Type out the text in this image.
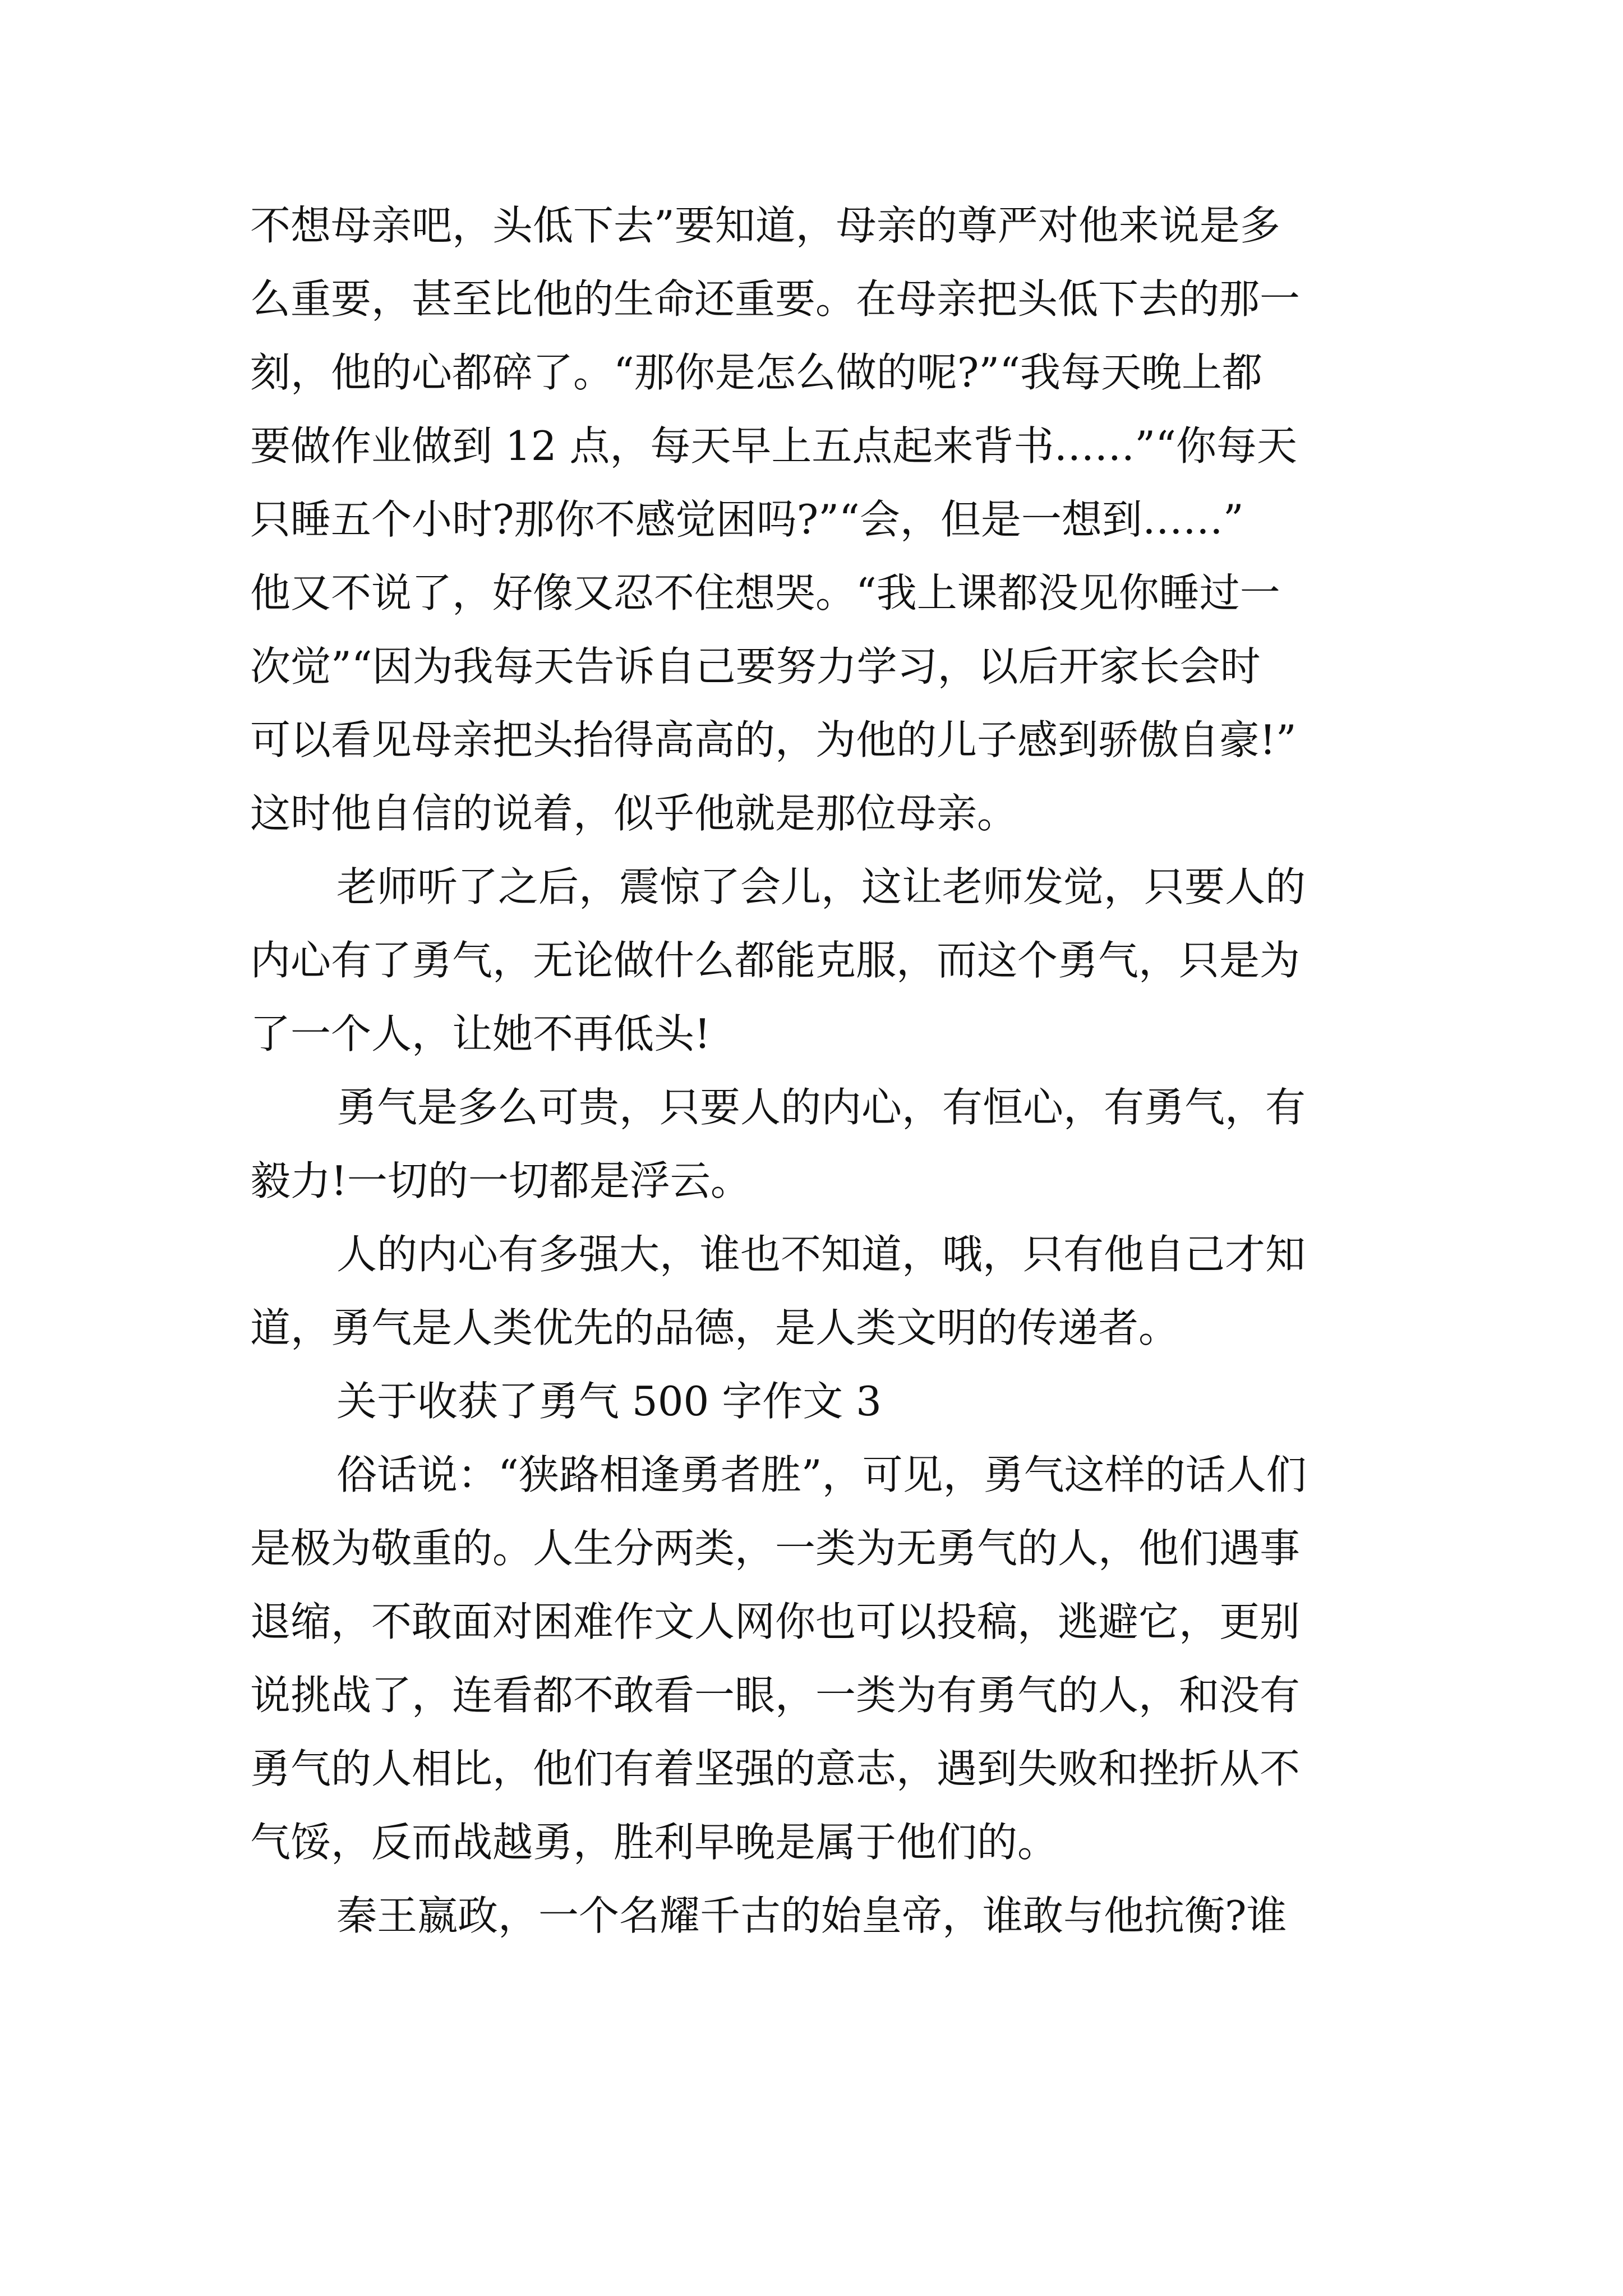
不想母亲吧，头低下去”要知道，母亲的尊严对他来说是多
么重要，甚至比他的生命还重要。在母亲把头低下去的那一
刻，他的心都碎了。“那你是怎么做的呢?”“我每天晚上都
要做作业做到 12 点，每天早上五点起来背书……”“你每天
只睡五个小时?那你不感觉困吗?”“会，但是一想到……”
他又不说了，好像又忍不住想哭。“我上课都没见你睡过一
次觉”“因为我每天告诉自己要努力学习，以后开家长会时
可以看见母亲把头抬得高高的，为他的儿子感到骄傲自豪!”
这时他自信的说着，似乎他就是那位母亲。
老师听了之后，震惊了会儿，这让老师发觉，只要人的
内心有了勇气，无论做什么都能克服，而这个勇气，只是为
了一个人，让她不再低头!
勇气是多么可贵，只要人的内心，有恒心，有勇气，有
毅力!一切的一切都是浮云。
人的内心有多强大，谁也不知道，哦，只有他自己才知
道，勇气是人类优先的品德，是人类文明的传递者。
关于收获了勇气 500 字作文 3
俗话说：“狭路相逢勇者胜”，可见，勇气这样的话人们
是极为敬重的。人生分两类，一类为无勇气的人，他们遇事
退缩，不敢面对困难作文人网你也可以投稿，逃避它，更别
说挑战了，连看都不敢看一眼，一类为有勇气的人，和没有
勇气的人相比，他们有着坚强的意志，遇到失败和挫折从不
气馁，反而战越勇，胜利早晚是属于他们的。
秦王嬴政，一个名耀千古的始皇帝，谁敢与他抗衡?谁
